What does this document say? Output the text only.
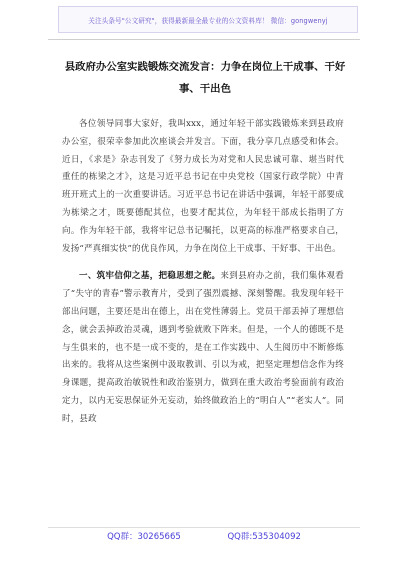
关注头条号"公文研究"，获得最新最全最专业的公文资料库！ 微信：gongwenyj
县政府办公室实践锻炼交流发言：力争在岗位上干成事、干好
事、干出色

各位领导同事大家好，我叫xxx，通过年轻干部实践锻炼来到县政府办公室，很荣幸参加此次座谈会并发言。下面，我分享几点感受和体会。近日，《求是》杂志刊发了《努力成长为对党和人民忠诚可靠、堪当时代重任的栋梁之才》，这是习近平总书记在中央党校（国家行政学院）中青班开班式上的一次重要讲话。习近平总书记在讲话中强调，年轻干部要成为栋梁之才，既要德配其位，也要才配其位，为年轻干部成长指明了方向。作为年轻干部，我将牢记总书记嘱托，以更高的标准严格要求自己，发扬“严真细实快”的优良作风，力争在岗位上干成事、干好事、干出色。

一、筑牢信仰之基，把稳思想之舵。来到县府办之前，我们集体观看了“失守的青春”警示教育片，受到了强烈震撼、深刻警醒。我发现年轻干部出问题，主要还是出在德上，出在党性薄弱上。党员干部丢掉了理想信念，就会丢掉政治灵魂，遇到考验就败下阵来。但是，一个人的德既不是与生俱来的，也不是一成不变的，是在工作实践中、人生阅历中不断修炼出来的。我将从这些案例中汲取教训、引以为戒，把坚定理想信念作为终身课题，提高政治敏锐性和政治鉴别力，做到在重大政治考验面前有政治定力，以内无妄思保证外无妄动，始终做政治上的“明白人”“老实人”。同时，县政

QQ群：30265665	QQ群:535304092
